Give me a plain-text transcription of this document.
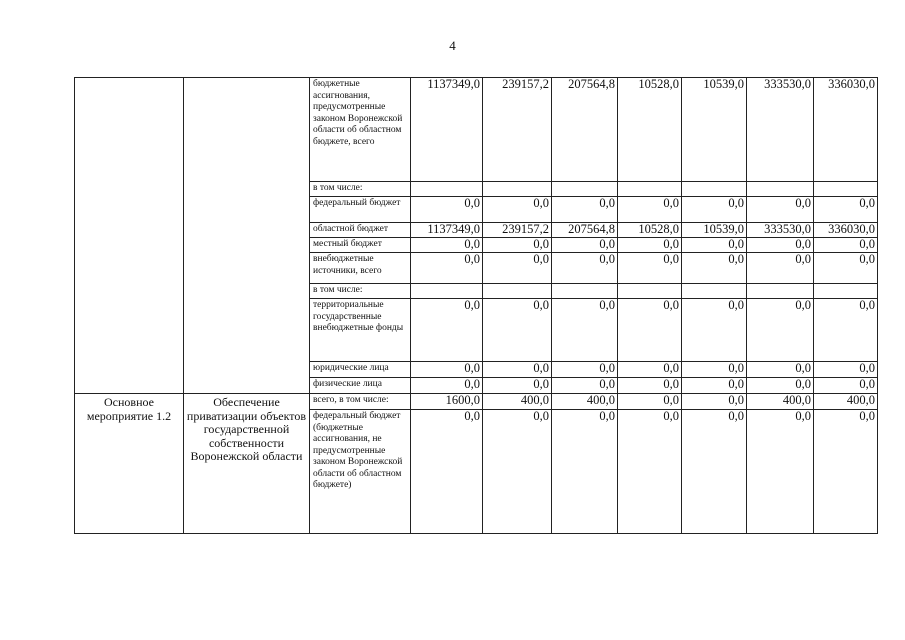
4
		бюджетные ассигнования, предусмотренные законом Воронежской области об областном бюджете, всего	1137349,0	239157,2	207564,8	10528,0	10539,0	333530,0	336030,0
		в том числе:							
		федеральный бюджет	0,0	0,0	0,0	0,0	0,0	0,0	0,0
		областной бюджет	1137349,0	239157,2	207564,8	10528,0	10539,0	333530,0	336030,0
		местный бюджет	0,0	0,0	0,0	0,0	0,0	0,0	0,0
		внебюджетные источники, всего	0,0	0,0	0,0	0,0	0,0	0,0	0,0
		в том числе:							
		территориальные государственные внебюджетные фонды	0,0	0,0	0,0	0,0	0,0	0,0	0,0
		юридические лица	0,0	0,0	0,0	0,0	0,0	0,0	0,0
		физические лица	0,0	0,0	0,0	0,0	0,0	0,0	0,0
Основное мероприятие 1.2	Обеспечение приватизации объектов государственной собственности Воронежской области	всего, в том числе:	1600,0	400,0	400,0	0,0	0,0	400,0	400,0
		федеральный бюджет (бюджетные ассигнования, не предусмотренные законом Воронежской области об областном бюджете)	0,0	0,0	0,0	0,0	0,0	0,0	0,0
